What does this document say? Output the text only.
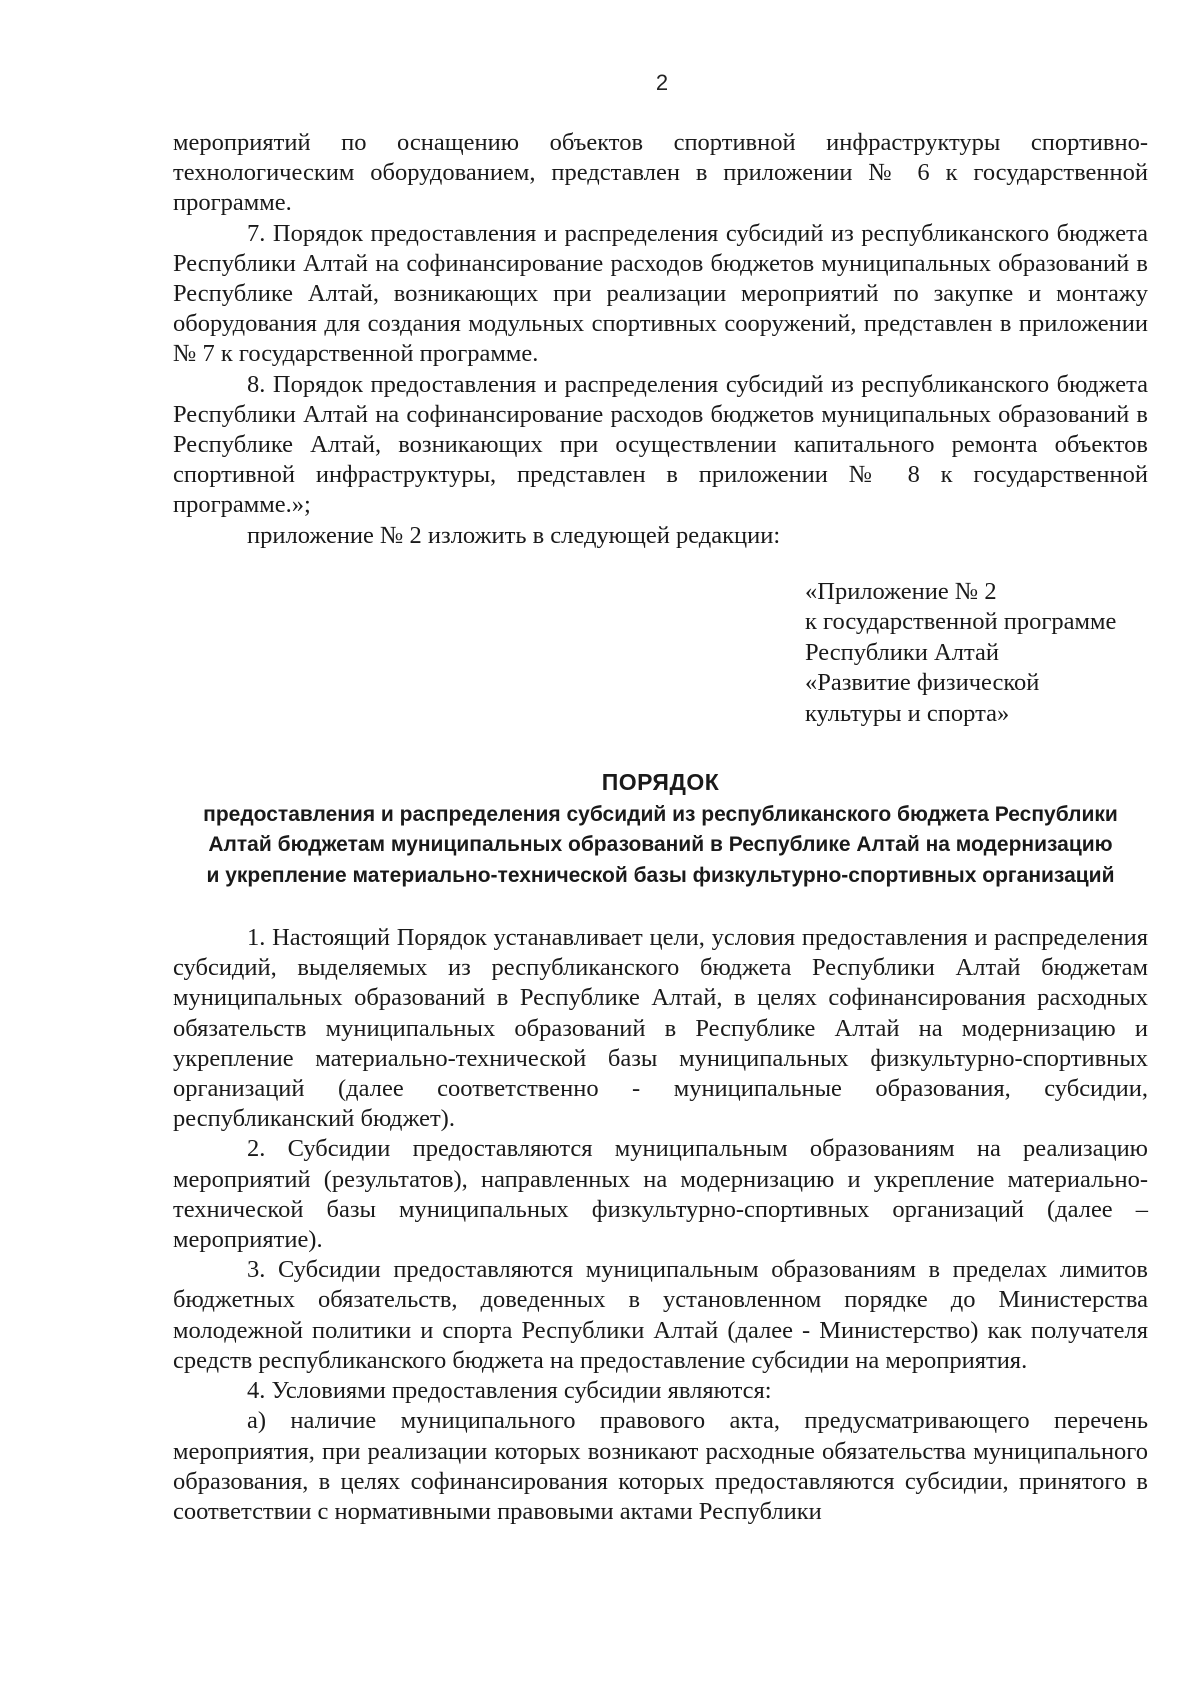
2

мероприятий по оснащению объектов спортивной инфраструктуры спортивно-технологическим оборудованием, представлен в приложении № 6 к государственной программе.

7. Порядок предоставления и распределения субсидий из республиканского бюджета Республики Алтай на софинансирование расходов бюджетов муниципальных образований в Республике Алтай, возникающих при реализации мероприятий по закупке и монтажу оборудования для создания модульных спортивных сооружений, представлен в приложении № 7 к государственной программе.

8. Порядок предоставления и распределения субсидий из республиканского бюджета Республики Алтай на софинансирование расходов бюджетов муниципальных образований в Республике Алтай, возникающих при осуществлении капитального ремонта объектов спортивной инфраструктуры, представлен в приложении № 8 к государственной программе.»;

приложение № 2 изложить в следующей редакции:

«Приложение № 2
к государственной программе
Республики Алтай
«Развитие физической
культуры и спорта»
ПОРЯДОК
предоставления и распределения субсидий из республиканского бюджета Республики
Алтай бюджетам муниципальных образований в Республике Алтай на модернизацию
и укрепление материально-технической базы физкультурно-спортивных организаций

1. Настоящий Порядок устанавливает цели, условия предоставления и распределения субсидий, выделяемых из республиканского бюджета Республики Алтай бюджетам муниципальных образований в Республике Алтай, в целях софинансирования расходных обязательств муниципальных образований в Республике Алтай на модернизацию и укрепление материально-технической базы муниципальных физкультурно-спортивных организаций (далее соответственно - муниципальные образования, субсидии, республиканский бюджет).

2. Субсидии предоставляются муниципальным образованиям на реализацию мероприятий (результатов), направленных на модернизацию и укрепление материально-технической базы муниципальных физкультурно-спортивных организаций (далее – мероприятие).

3. Субсидии предоставляются муниципальным образованиям в пределах лимитов бюджетных обязательств, доведенных в установленном порядке до Министерства молодежной политики и спорта Республики Алтай (далее - Министерство) как получателя средств республиканского бюджета на предоставление субсидии на мероприятия.

4. Условиями предоставления субсидии являются:

а) наличие муниципального правового акта, предусматривающего перечень мероприятия, при реализации которых возникают расходные обязательства муниципального образования, в целях софинансирования которых предоставляются субсидии, принятого в соответствии с нормативными правовыми актами Республики
